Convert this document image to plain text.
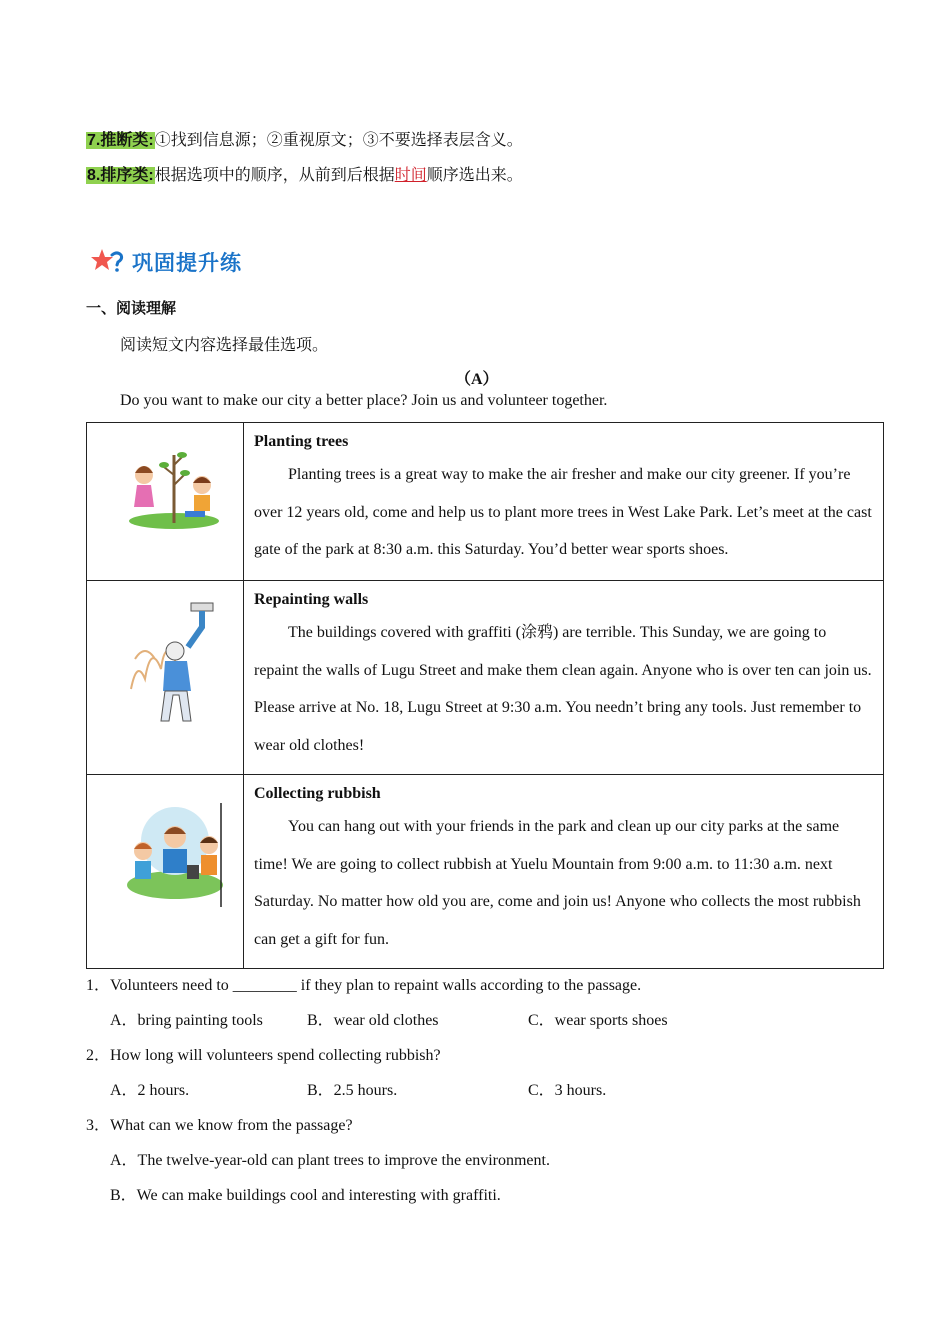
7.推断类:①找到信息源；②重视原文；③不要选择表层含义。
8.排序类:根据选项中的顺序，从前到后根据时间顺序选出来。
巩固提升练
一、阅读理解
阅读短文内容选择最佳选项。
（A）
Do you want to make our city a better place? Join us and volunteer together.

Planting trees
Planting trees is a great way to make the air fresher and make our city greener. If you’re over 12 years old, come and help us to plant more trees in West Lake Park. Let’s meet at the cast gate of the park at 8:30 a.m. this Saturday. You’d better wear sports shoes.

Repainting walls
The buildings covered with graffiti (涂鸦) are terrible. This Sunday, we are going to repaint the walls of Lugu Street and make them clean again. Anyone who is over ten can join us. Please arrive at No. 18, Lugu Street at 9:30 a.m. You needn’t bring any tools. Just remember to wear old clothes!

Collecting rubbish
You can hang out with your friends in the park and clean up our city parks at the same time! We are going to collect rubbish at Yuelu Mountain from 9:00 a.m. to 11:30 a.m. next Saturday. No matter how old you are, come and join us! Anyone who collects the most rubbish can get a gift for fun.
1．Volunteers need to ________ if they plan to repaint walls according to the passage.
A．bring painting tools	B．wear old clothes	C．wear sports shoes
2．How long will volunteers spend collecting rubbish?
A．2 hours.	B．2.5 hours.	C．3 hours.
3．What can we know from the passage?
A．The twelve-year-old can plant trees to improve the environment.
B．We can make buildings cool and interesting with graffiti.
